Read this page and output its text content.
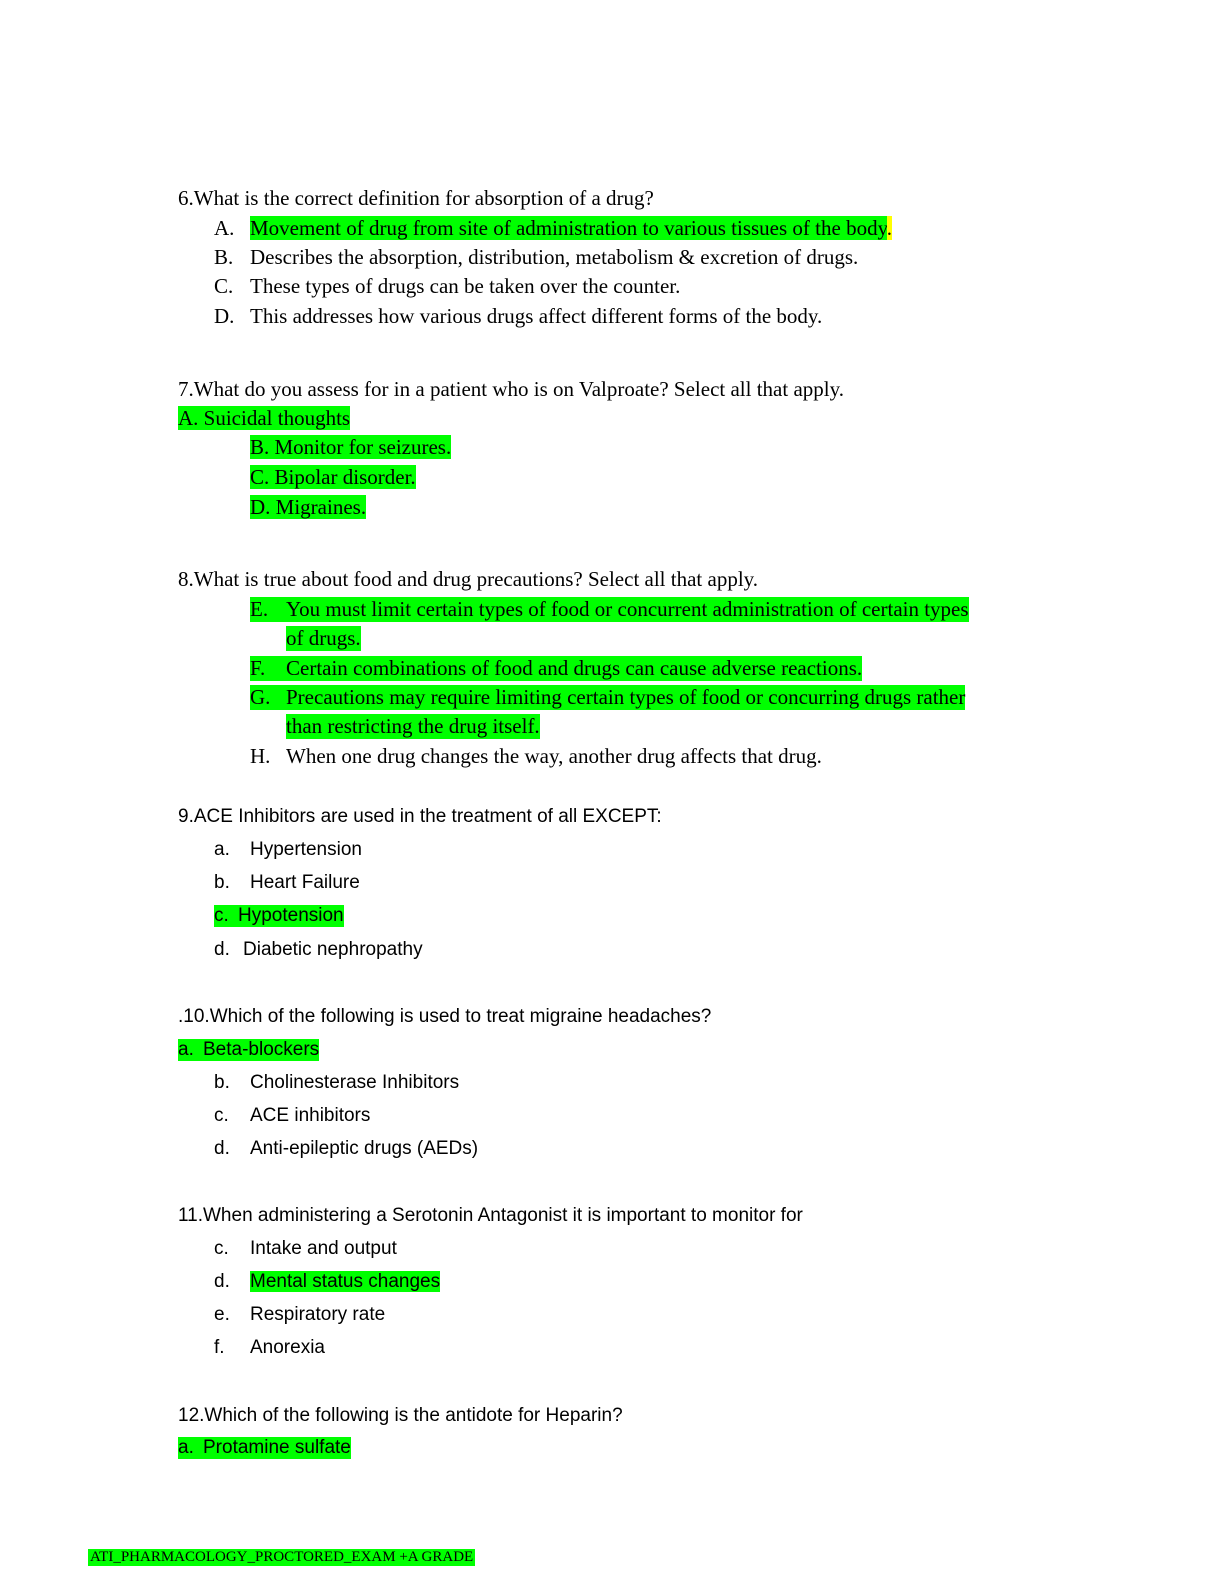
6.What is the correct definition for absorption of a drug?
A. Movement of drug from site of administration to various tissues of the body.
B. Describes the absorption, distribution, metabolism & excretion of drugs.
C. These types of drugs can be taken over the counter.
D. This addresses how various drugs affect different forms of the body.
7.What do you assess for in a patient who is on Valproate? Select all that apply.
A. Suicidal thoughts
B. Monitor for seizures.
C. Bipolar disorder.
D. Migraines.
8.What is true about food and drug precautions? Select all that apply.
E. You must limit certain types of food or concurrent administration of certain types
of drugs.
F. Certain combinations of food and drugs can cause adverse reactions.
G. Precautions may require limiting certain types of food or concurring drugs rather
than restricting the drug itself.
H. When one drug changes the way, another drug affects that drug.
9.ACE Inhibitors are used in the treatment of all EXCEPT:
a. Hypertension
b. Heart Failure
c. Hypotension
d. Diabetic nephropathy
.10.Which of the following is used to treat migraine headaches?
a. Beta-blockers
b. Cholinesterase Inhibitors
c. ACE inhibitors
d. Anti-epileptic drugs (AEDs)
11.When administering a Serotonin Antagonist it is important to monitor for
c. Intake and output
d. Mental status changes
e. Respiratory rate
f. Anorexia
12.Which of the following is the antidote for Heparin?
a. Protamine sulfate
ATI_PHARMACOLOGY_PROCTORED_EXAM +A GRADE
